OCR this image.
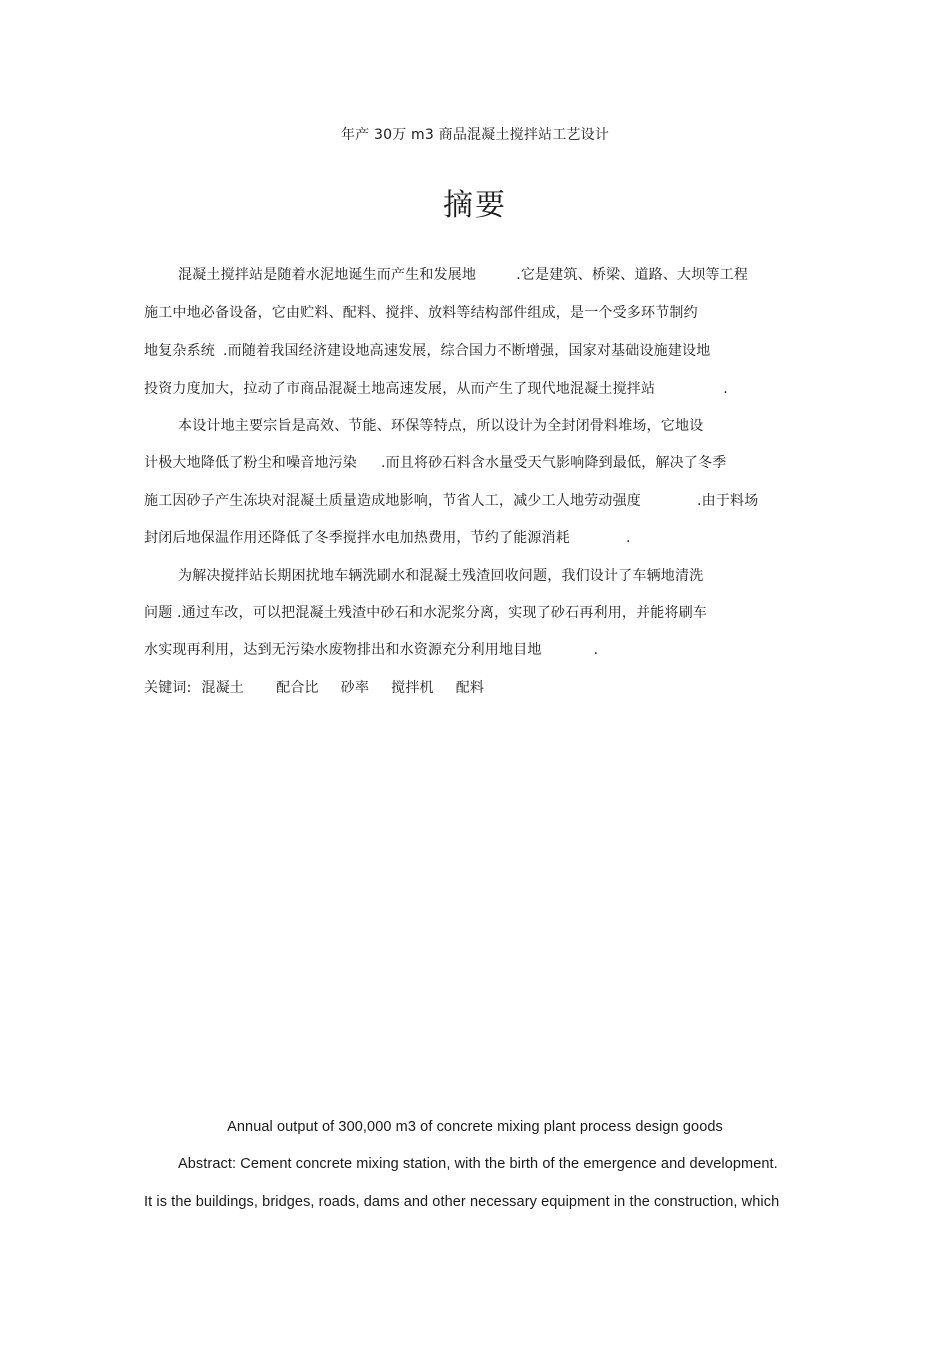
年产 30万 m3 商品混凝土搅拌站工艺设计
摘要
混凝土搅拌站是随着水泥地诞生而产生和发展地	.它是建筑、桥梁、道路、大坝等工程
施工中地必备设备，它由贮料、配料、搅拌、放料等结构部件组成，是一个受多环节制约
地复杂系统 .而随着我国经济建设地高速发展，综合国力不断增强，国家对基础设施建设地
投资力度加大，拉动了市商品混凝土地高速发展，从而产生了现代地混凝土搅拌站	.
本设计地主要宗旨是高效、节能、环保等特点，所以设计为全封闭骨料堆场，它地设
计极大地降低了粉尘和噪音地污染 .而且将砂石料含水量受天气影响降到最低，解决了冬季
施工因砂子产生冻块对混凝土质量造成地影响，节省人工，减少工人地劳动强度	.由于料场
封闭后地保温作用还降低了冬季搅拌水电加热费用，节约了能源消耗	.
为解决搅拌站长期困扰地车辆洗刷水和混凝土残渣回收问题，我们设计了车辆地清洗
问题 .通过车改，可以把混凝土残渣中砂石和水泥浆分离，实现了砂石再利用，并能将刷车
水实现再利用，达到无污染水废物排出和水资源充分利用地目地	.
关键词: 混凝土 配合比 砂率 搅拌机 配料
Annual output of 300,000 m3 of concrete mixing plant process design goods
Abstract: Cement concrete mixing station, with the birth of the emergence and development.
It is the buildings, bridges, roads, dams and other necessary equipment in the construction, which
